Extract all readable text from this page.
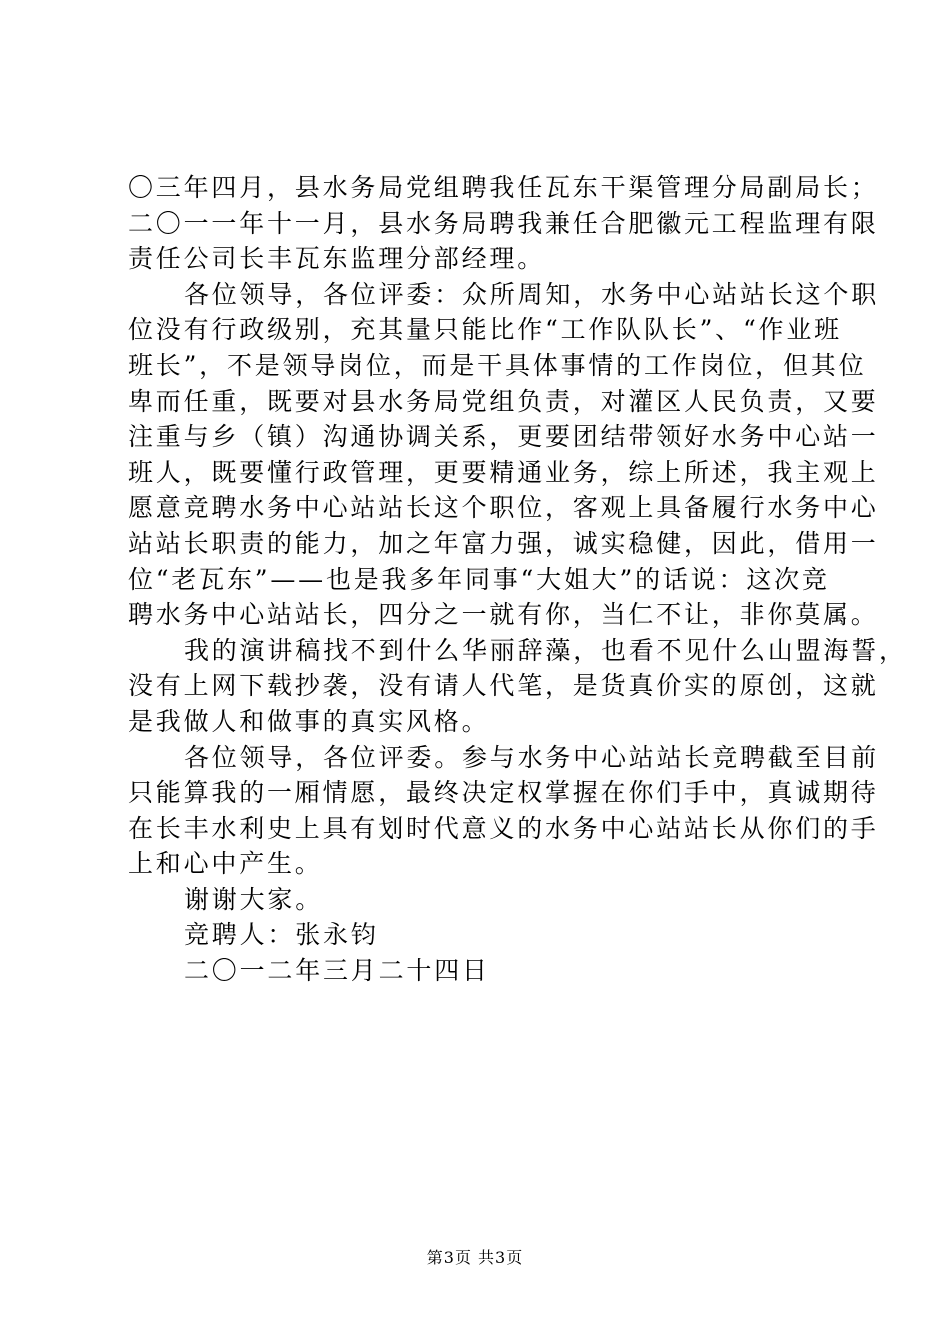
〇三年四月，县水务局党组聘我任瓦东干渠管理分局副局长；
二〇一一年十一月，县水务局聘我兼任合肥徽元工程监理有限
责任公司长丰瓦东监理分部经理。
各位领导，各位评委：众所周知，水务中心站站长这个职
位没有行政级别，充其量只能比作“工作队队长”、“作业班
班长”，不是领导岗位，而是干具体事情的工作岗位，但其位
卑而任重，既要对县水务局党组负责，对灌区人民负责，又要
注重与乡（镇）沟通协调关系，更要团结带领好水务中心站一
班人，既要懂行政管理，更要精通业务，综上所述，我主观上
愿意竞聘水务中心站站长这个职位，客观上具备履行水务中心
站站长职责的能力，加之年富力强，诚实稳健，因此，借用一
位“老瓦东”——也是我多年同事“大姐大”的话说：这次竞
聘水务中心站站长，四分之一就有你，当仁不让，非你莫属。
我的演讲稿找不到什么华丽辞藻，也看不见什么山盟海誓，
没有上网下载抄袭，没有请人代笔，是货真价实的原创，这就
是我做人和做事的真实风格。
各位领导，各位评委。参与水务中心站站长竞聘截至目前
只能算我的一厢情愿，最终决定权掌握在你们手中，真诚期待
在长丰水利史上具有划时代意义的水务中心站站长从你们的手
上和心中产生。
谢谢大家。
竞聘人：张永钧
二〇一二年三月二十四日
第3页 共3页
